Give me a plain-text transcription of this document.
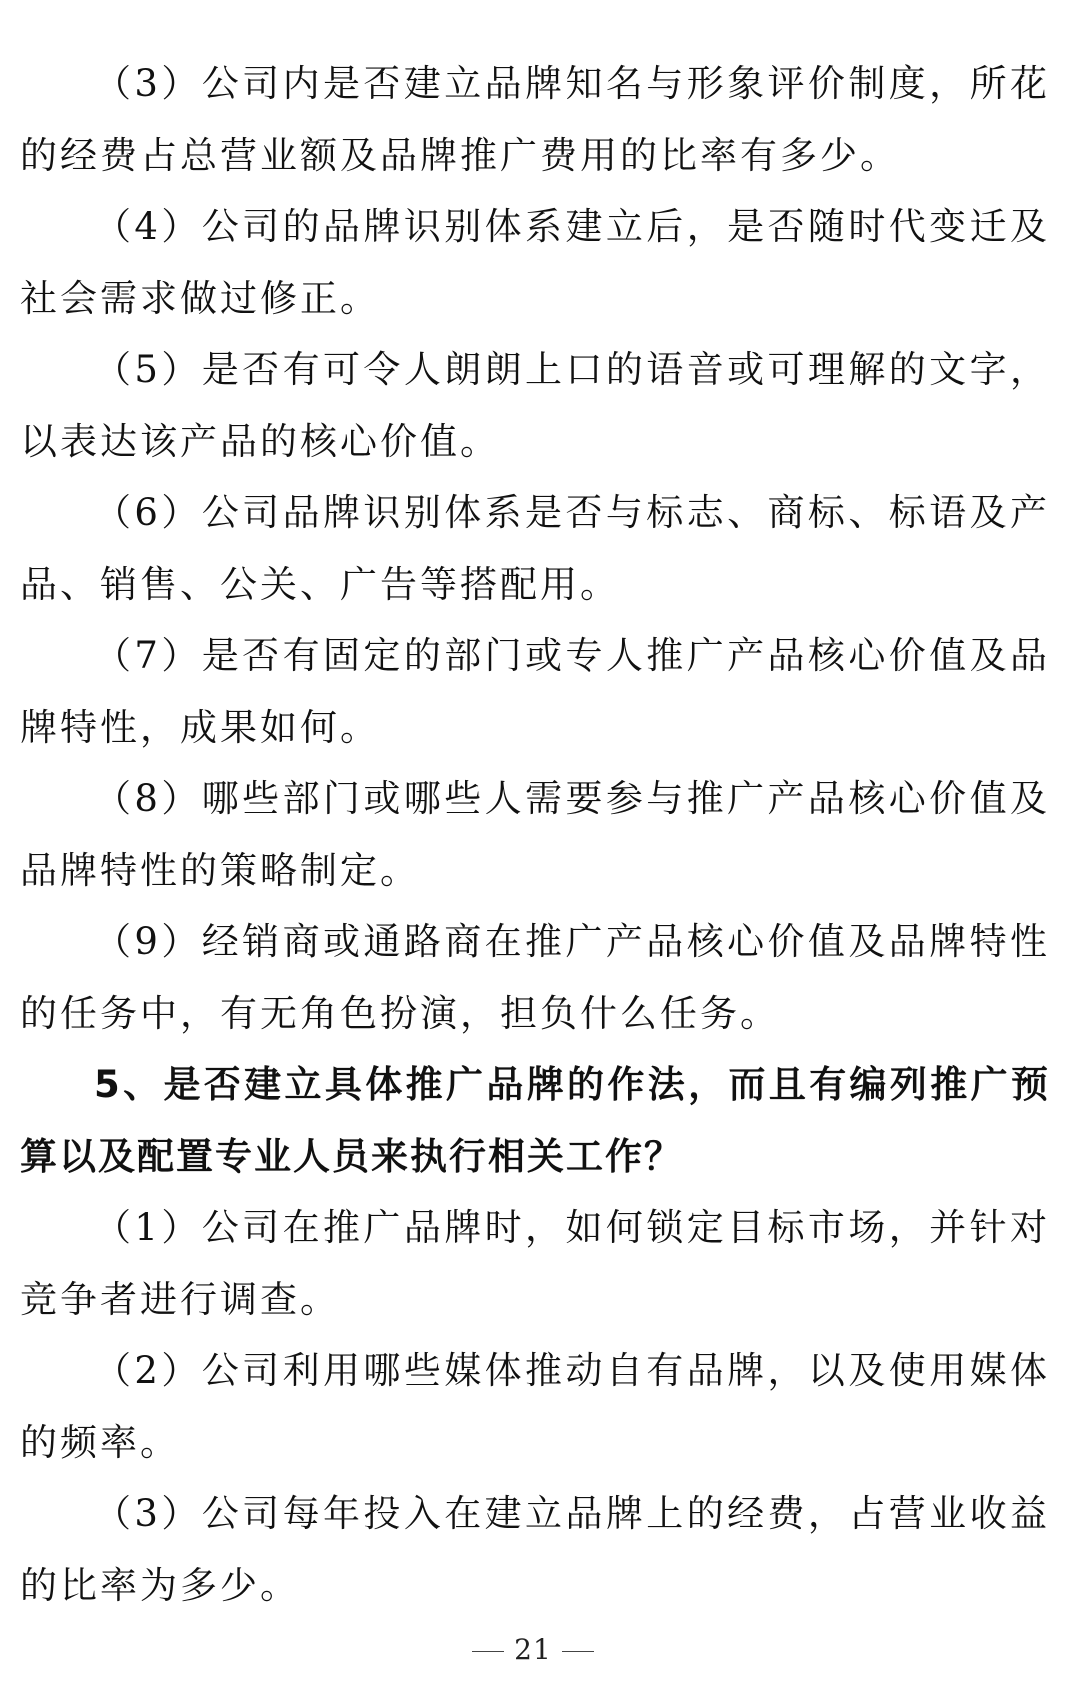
（3）公司内是否建立品牌知名与形象评价制度，所花的经费占总营业额及品牌推广费用的比率有多少。

（4）公司的品牌识别体系建立后，是否随时代变迁及社会需求做过修正。

（5）是否有可令人朗朗上口的语音或可理解的文字，以表达该产品的核心价值。

（6）公司品牌识别体系是否与标志、商标、标语及产品、销售、公关、广告等搭配用。

（7）是否有固定的部门或专人推广产品核心价值及品牌特性，成果如何。

（8）哪些部门或哪些人需要参与推广产品核心价值及品牌特性的策略制定。

（9）经销商或通路商在推广产品核心价值及品牌特性的任务中，有无角色扮演，担负什么任务。

5、是否建立具体推广品牌的作法，而且有编列推广预算以及配置专业人员来执行相关工作？

（1）公司在推广品牌时，如何锁定目标市场，并针对竞争者进行调查。

（2）公司利用哪些媒体推动自有品牌，以及使用媒体的频率。

（3）公司每年投入在建立品牌上的经费，占营业收益的比率为多少。

21
